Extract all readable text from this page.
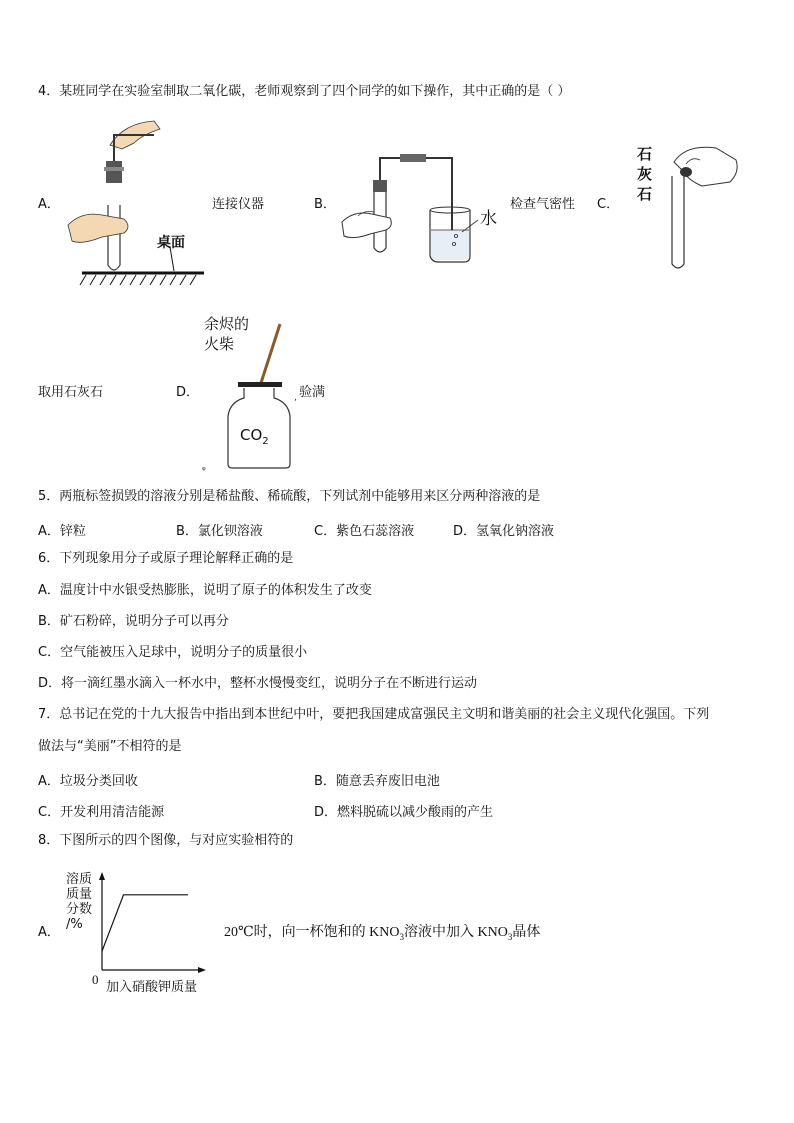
4．某班同学在实验室制取二氧化碳，老师观察到了四个同学的如下操作，其中正确的是（ ）
A．
桌面
连接仪器	B．
水
检查气密性 C．
石
灰
石
取用石灰石	D．
余烬的
火柴
ᵠ
,
$CO_2$
验满
5．两瓶标签损毁的溶液分别是稀盐酸、稀硫酸，下列试剂中能够用来区分两种溶液的是
A．锌粒	B．氯化钡溶液	C．紫色石蕊溶液	D．氢氧化钠溶液
6．下列现象用分子或原子理论解释正确的是
A．温度计中水银受热膨胀，说明了原子的体积发生了改变
B．矿石粉碎，说明分子可以再分
C．空气能被压入足球中，说明分子的质量很小
D．将一滴红墨水滴入一杯水中，整杯水慢慢变红，说明分子在不断进行运动
7．总书记在党的十九大报告中指出到本世纪中叶，要把我国建成富强民主文明和谐美丽的社会主义现代化强国。下列
做法与“美丽”不相符的是
A．垃圾分类回收	B．随意丢弃废旧电池
C．开发利用清洁能源	D．燃料脱硫以减少酸雨的产生
8．下图所示的四个图像，与对应实验相符的
A．
溶质
质量
分数
/%
0
加入硝酸钾质量
20℃时，向一杯饱和的 $KNO_3$溶液中加入 $KNO_3$晶体
